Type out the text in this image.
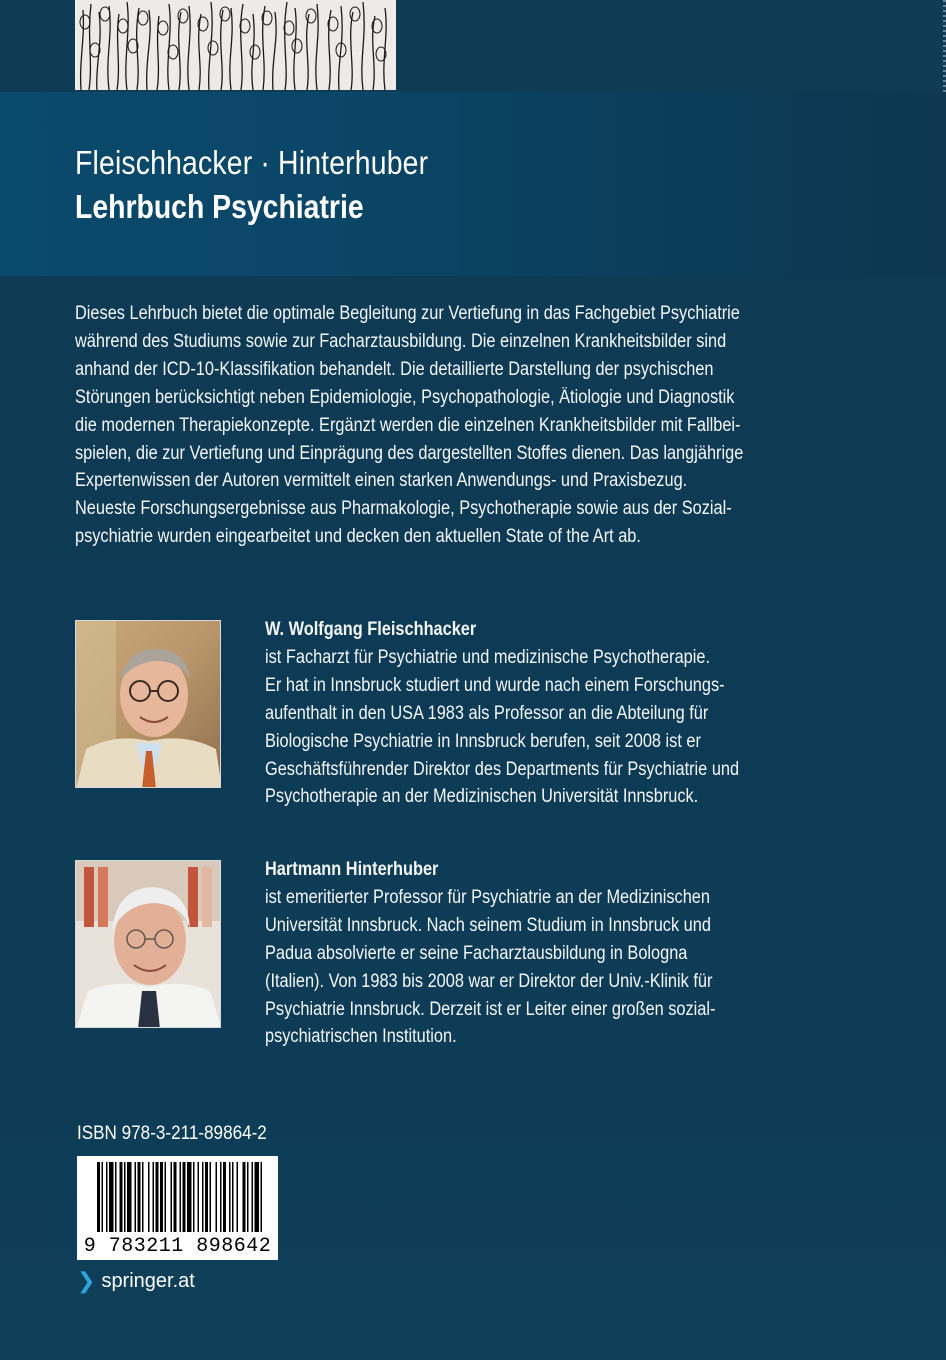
Fleischhacker · Hinterhuber
Lehrbuch Psychiatrie
Dieses Lehrbuch bietet die optimale Begleitung zur Vertiefung in das Fachgebiet Psychiatrie
während des Studiums sowie zur Facharztausbildung. Die einzelnen Krankheitsbilder sind
anhand der ICD-10-Klassifikation behandelt. Die detaillierte Darstellung der psychischen
Störungen berücksichtigt neben Epidemiologie, Psychopathologie, Ätiologie und Diagnostik
die modernen Therapiekonzepte. Ergänzt werden die einzelnen Krankheitsbilder mit Fallbei-
spielen, die zur Vertiefung und Einprägung des dargestellten Stoffes dienen. Das langjährige
Expertenwissen der Autoren vermittelt einen starken Anwendungs- und Praxisbezug.
Neueste Forschungsergebnisse aus Pharmakologie, Psychotherapie sowie aus der Sozial-
psychiatrie wurden eingearbeitet und decken den aktuellen State of the Art ab.
W. Wolfgang Fleischhacker
ist Facharzt für Psychiatrie und medizinische Psychotherapie.
Er hat in Innsbruck studiert und wurde nach einem Forschungs-
aufenthalt in den USA 1983 als Professor an die Abteilung für
Biologische Psychiatrie in Innsbruck berufen, seit 2008 ist er
Geschäftsführender Direktor des Departments für Psychiatrie und
Psychotherapie an der Medizinischen Universität Innsbruck.
Hartmann Hinterhuber
ist emeritierter Professor für Psychiatrie an der Medizinischen
Universität Innsbruck. Nach seinem Studium in Innsbruck und
Padua absolvierte er seine Facharztausbildung in Bologna
(Italien). Von 1983 bis 2008 war er Direktor der Univ.-Klinik für
Psychiatrie Innsbruck. Derzeit ist er Leiter einer großen sozial-
psychiatrischen Institution.
ISBN 978-3-211-89864-2
9 783211 898642
❯ springer.at
